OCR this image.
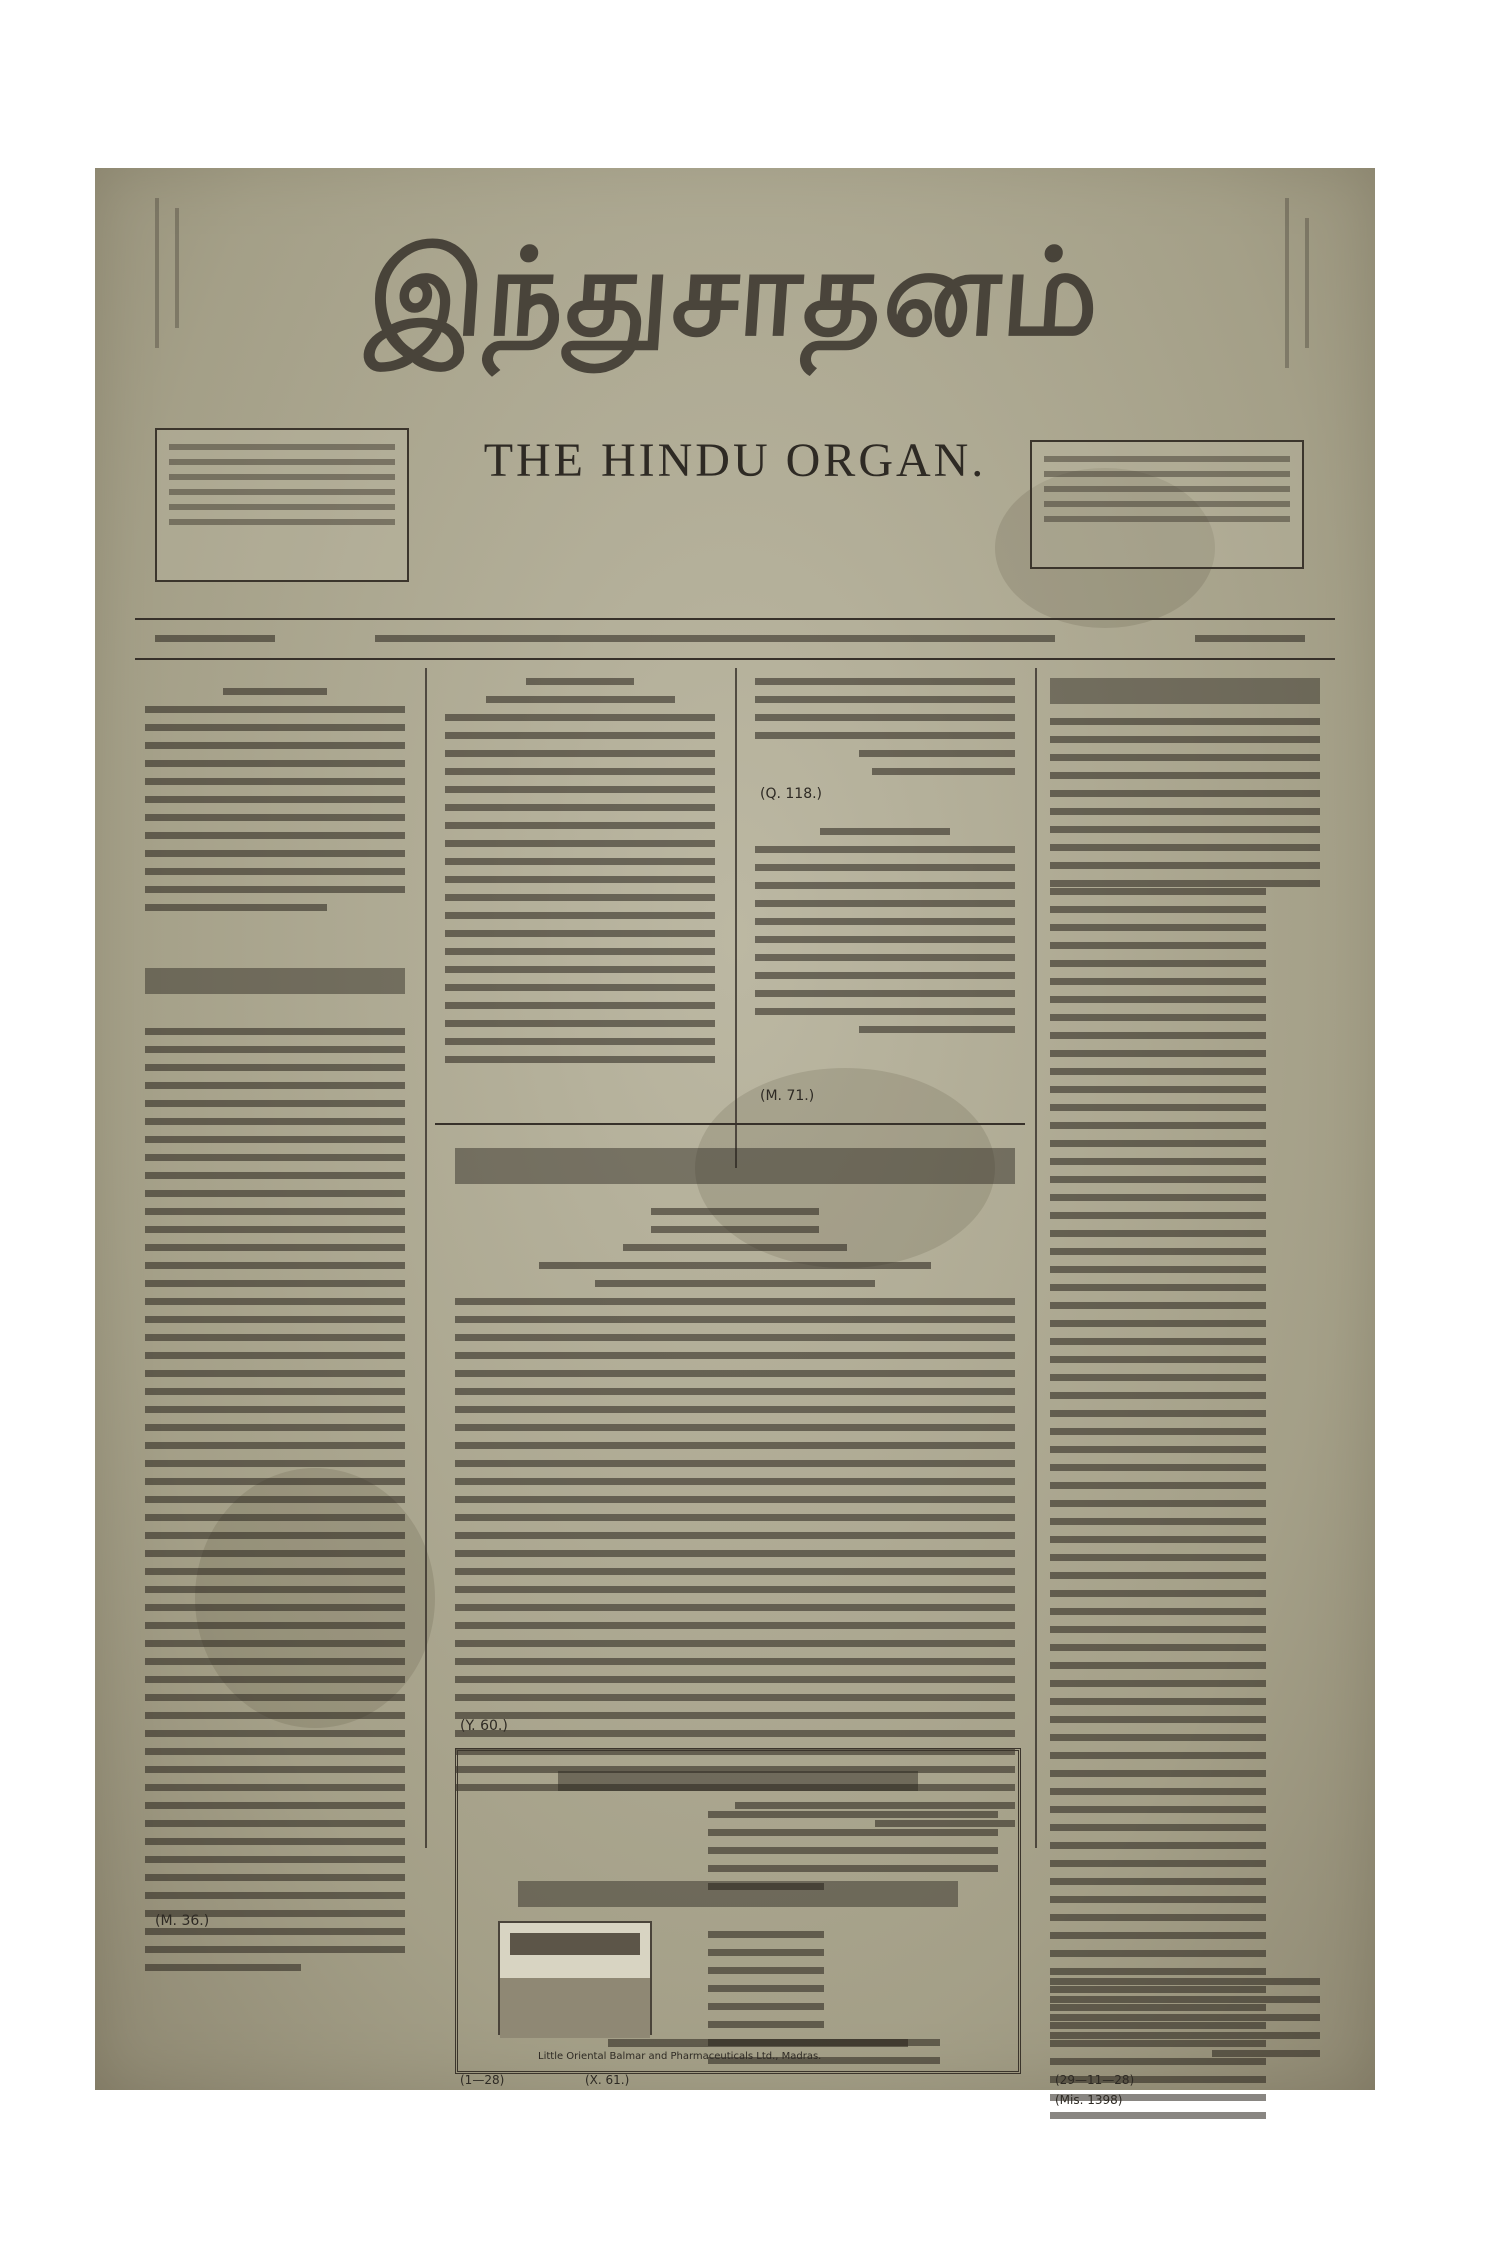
இந்துசாதனம்
THE HINDU ORGAN.
(M. 36.)
(Q. 118.)
(M. 71.)
(Y. 60.)
Little Oriental Balmar and Pharmaceuticals Ltd., Madras.
(1—28)	(X. 61.)	(29—11—28)
(Mis. 1398)
